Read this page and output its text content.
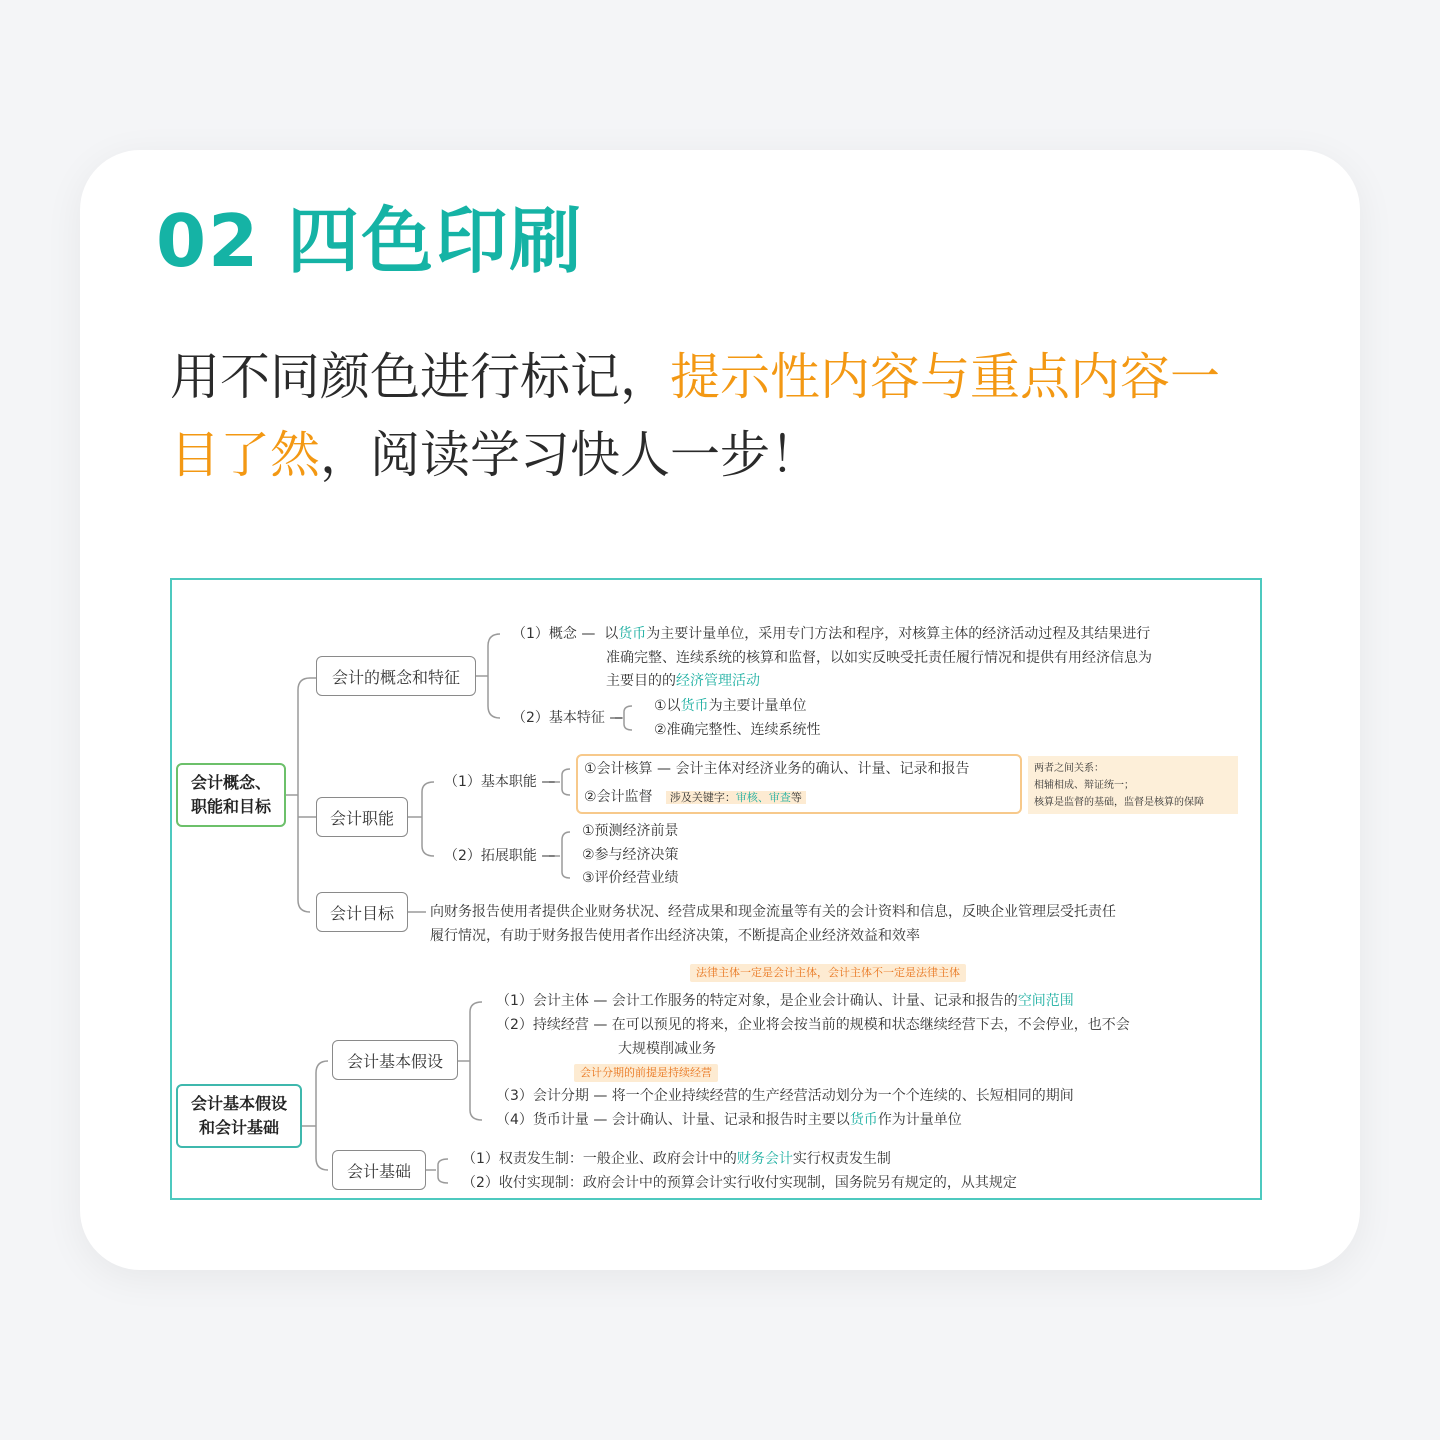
02 四色印刷
用不同颜色进行标记，提示性内容与重点内容一目了然，阅读学习快人一步！
会计概念、职能和目标
会计基本假设和会计基础
会计的概念和特征
会计职能
会计目标
会计基本假设
会计基础
（1）概念 — 以货币为主要计量单位，采用专门方法和程序，对核算主体的经济活动过程及其结果进行
准确完整、连续系统的核算和监督，以如实反映受托责任履行情况和提供有用经济信息为
主要目的的经济管理活动
（2）基本特征 —
①以货币为主要计量单位
②准确完整性、连续系统性
（1）基本职能 —
①会计核算 — 会计主体对经济业务的确认、计量、记录和报告
②会计监督 涉及关键字：审核、审查等
两者之间关系：
相辅相成、辩证统一；
核算是监督的基础，监督是核算的保障
（2）拓展职能 —
①预测经济前景
②参与经济决策
③评价经营业绩
向财务报告使用者提供企业财务状况、经营成果和现金流量等有关的会计资料和信息，反映企业管理层受托责任
履行情况，有助于财务报告使用者作出经济决策，不断提高企业经济效益和效率
法律主体一定是会计主体，会计主体不一定是法律主体
（1）会计主体 — 会计工作服务的特定对象，是企业会计确认、计量、记录和报告的空间范围
（2）持续经营 — 在可以预见的将来，企业将会按当前的规模和状态继续经营下去，不会停业，也不会
大规模削减业务
会计分期的前提是持续经营
（3）会计分期 — 将一个企业持续经营的生产经营活动划分为一个个连续的、长短相同的期间
（4）货币计量 — 会计确认、计量、记录和报告时主要以货币作为计量单位
（1）权责发生制：一般企业、政府会计中的财务会计实行权责发生制
（2）收付实现制：政府会计中的预算会计实行收付实现制，国务院另有规定的，从其规定
